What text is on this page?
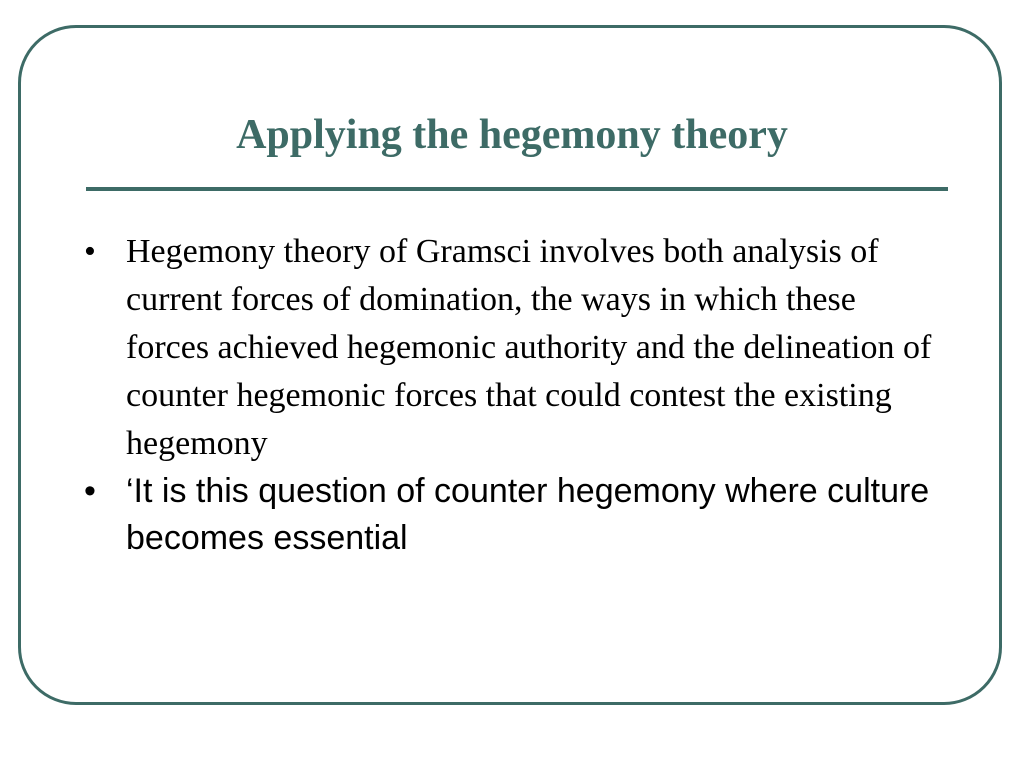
Applying the hegemony theory
• Hegemony theory of Gramsci involves both analysis of current forces of domination, the ways in which these forces achieved hegemonic authority and the delineation of counter hegemonic forces that could contest the existing hegemony
• ‘It is this question of counter hegemony where culture becomes essential
